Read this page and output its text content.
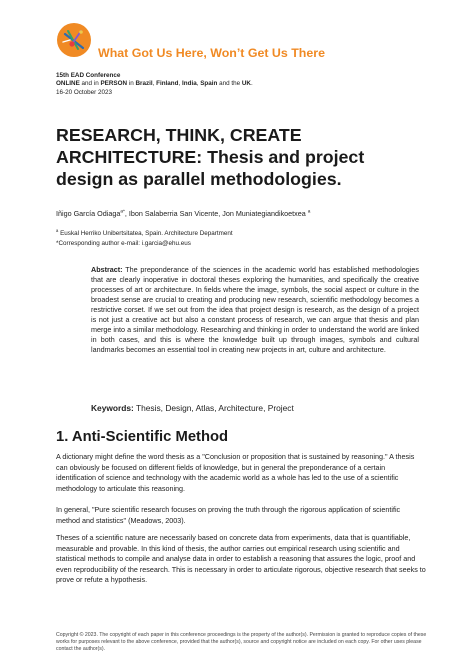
What Got Us Here, Won’t Get Us There
15th EAD Conference
ONLINE and in PERSON in Brazil, Finland, India, Spain and the UK.
16-20 October 2023
RESEARCH, THINK, CREATE ARCHITECTURE: Thesis and project design as parallel methodologies.
Iñigo García Odiaga$^{a*}$, Ibon Salaberria San Vicente, Jon Muniategiandikoetxea $^a$
$^a$ Euskal Herriko Unibertsitatea, Spain. Architecture Department
*Corresponding author e-mail: i.garcia@ehu.eus
Abstract: The preponderance of the sciences in the academic world has established methodologies that are clearly inoperative in doctoral theses exploring the humanities, and specifically the creative processes of art or architecture. In fields where the image, symbols, the social aspect or culture in the broadest sense are crucial to creating and producing new research, scientific methodology becomes a restrictive corset. If we set out from the idea that project design is research, as the design of a project is not just a creative act but also a constant process of research, we can argue that thesis and plan merge into a similar methodology. Researching and thinking in order to understand the world are linked in both cases, and this is where the knowledge built up through images, symbols and cultural landmarks becomes an essential tool in creating new projects in art, culture and architecture.
Keywords: Thesis, Design, Atlas, Architecture, Project
1. Anti-Scientific Method
A dictionary might define the word thesis as a "Conclusion or proposition that is sustained by reasoning." A thesis can obviously be focused on different fields of knowledge, but in general the preponderance of a certain identification of science and technology with the academic world as a whole has led to the use of a scientific methodology to articulate this reasoning.
In general, "Pure scientific research focuses on proving the truth through the rigorous application of scientific method and statistics" (Meadows, 2003).
Theses of a scientific nature are necessarily based on concrete data from experiments, data that is quantifiable, measurable and provable. In this kind of thesis, the author carries out empirical research using scientific and statistical methods to compile and analyse data in order to establish a reasoning that assures the logic, proof and even reproducibility of the research. This is necessary in order to articulate rigorous, objective research that seeks to prove or refute a hypothesis.
Copyright © 2023. The copyright of each paper in this conference proceedings is the property of the author(s). Permission is granted to reproduce copies of these works for purposes relevant to the above conference, provided that the author(s), source and copyright notice are included on each copy. For other uses please contact the author(s).
